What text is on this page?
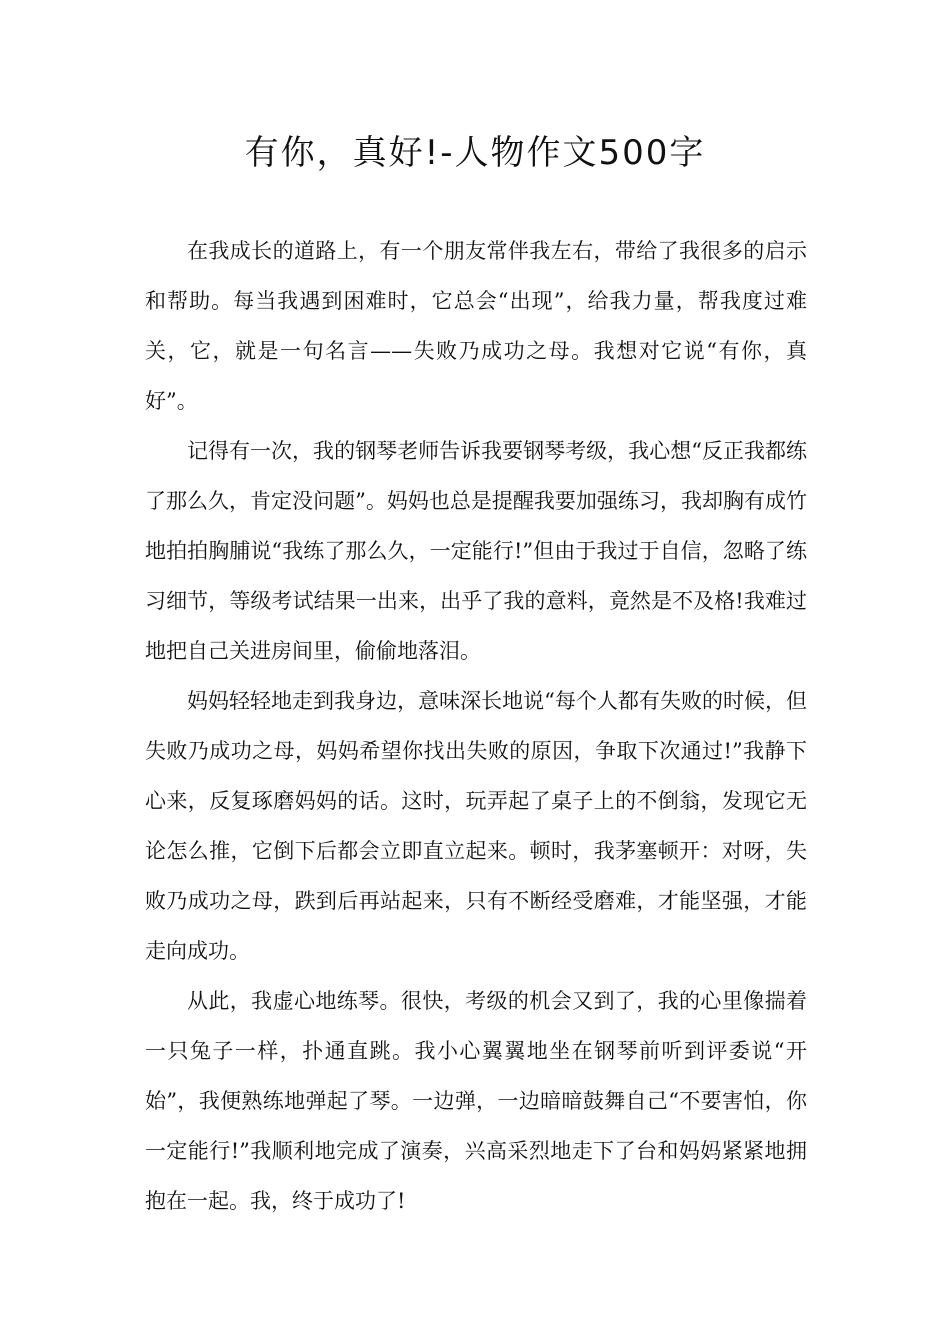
有你，真好!-人物作文500字

在我成长的道路上，有一个朋友常伴我左右，带给了我很多的启示和帮助。每当我遇到困难时，它总会“出现”，给我力量，帮我度过难关，它，就是一句名言——失败乃成功之母。我想对它说“有你，真好”。

记得有一次，我的钢琴老师告诉我要钢琴考级，我心想“反正我都练了那么久，肯定没问题”。妈妈也总是提醒我要加强练习，我却胸有成竹地拍拍胸脯说“我练了那么久，一定能行!”但由于我过于自信，忽略了练习细节，等级考试结果一出来，出乎了我的意料，竟然是不及格!我难过地把自己关进房间里，偷偷地落泪。

妈妈轻轻地走到我身边，意味深长地说“每个人都有失败的时候，但失败乃成功之母，妈妈希望你找出失败的原因，争取下次通过!”我静下心来，反复琢磨妈妈的话。这时，玩弄起了桌子上的不倒翁，发现它无论怎么推，它倒下后都会立即直立起来。顿时，我茅塞顿开：对呀，失败乃成功之母，跌到后再站起来，只有不断经受磨难，才能坚强，才能走向成功。

从此，我虚心地练琴。很快，考级的机会又到了，我的心里像揣着一只兔子一样，扑通直跳。我小心翼翼地坐在钢琴前听到评委说“开始”，我便熟练地弹起了琴。一边弹，一边暗暗鼓舞自己“不要害怕，你一定能行!”我顺利地完成了演奏，兴高采烈地走下了台和妈妈紧紧地拥抱在一起。我，终于成功了!
